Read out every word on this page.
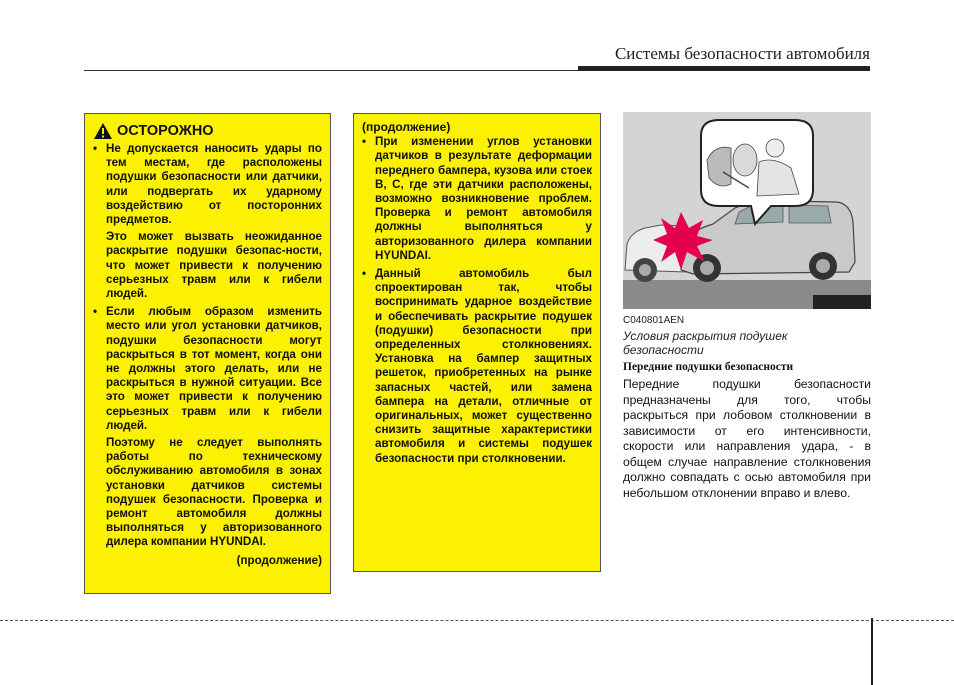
Системы безопасности автомобиля
ОСТОРОЖНО
• Не допускается наносить удары по тем местам, где расположены подушки безопасности или датчики, или подвергать их ударному воздействию от посторонних предметов.
Это может вызвать неожиданное раскрытие подушки безопас-ности, что может привести к получению серьезных травм или к гибели людей.
• Если любым образом изменить место или угол установки датчиков, подушки безопасности могут раскрыться в тот момент, когда они не должны этого делать, или не раскрыться в нужной ситуации. Все это может привести к получению серьезных травм или к гибели людей.
Поэтому не следует выполнять работы по техническому обслуживанию автомобиля в зонах установки датчиков системы подушек безопасности. Проверка и ремонт автомобиля должны выполняться у авторизованного дилера компании HYUNDAI.
(продолжение)
(продолжение)
• При изменении углов установки датчиков в результате деформации переднего бампера, кузова или стоек B, C, где эти датчики расположены, возможно возникновение проблем. Проверка и ремонт автомобиля должны выполняться у авторизованного дилера компании HYUNDAI.
• Данный автомобиль был спроектирован так, чтобы воспринимать ударное воздействие и обеспечивать раскрытие подушек (подушки) безопасности при определенных столкновениях. Установка на бампер защитных решеток, приобретенных на рынке запасных частей, или замена бампера на детали, отличные от оригинальных, может существенно снизить защитные характеристики автомобиля и системы подушек безопасности при столкновении.
C040801AEN
Условия раскрытия подушек безопасности
Передние подушки безопасности
Передние подушки безопасности предназначены для того, чтобы раскрыться при лобовом столкновении в зависимости от его интенсивности, скорости или направления удара, - в общем случае направление столкновения должно совпадать с осью автомобиля при небольшом отклонении вправо и влево.
